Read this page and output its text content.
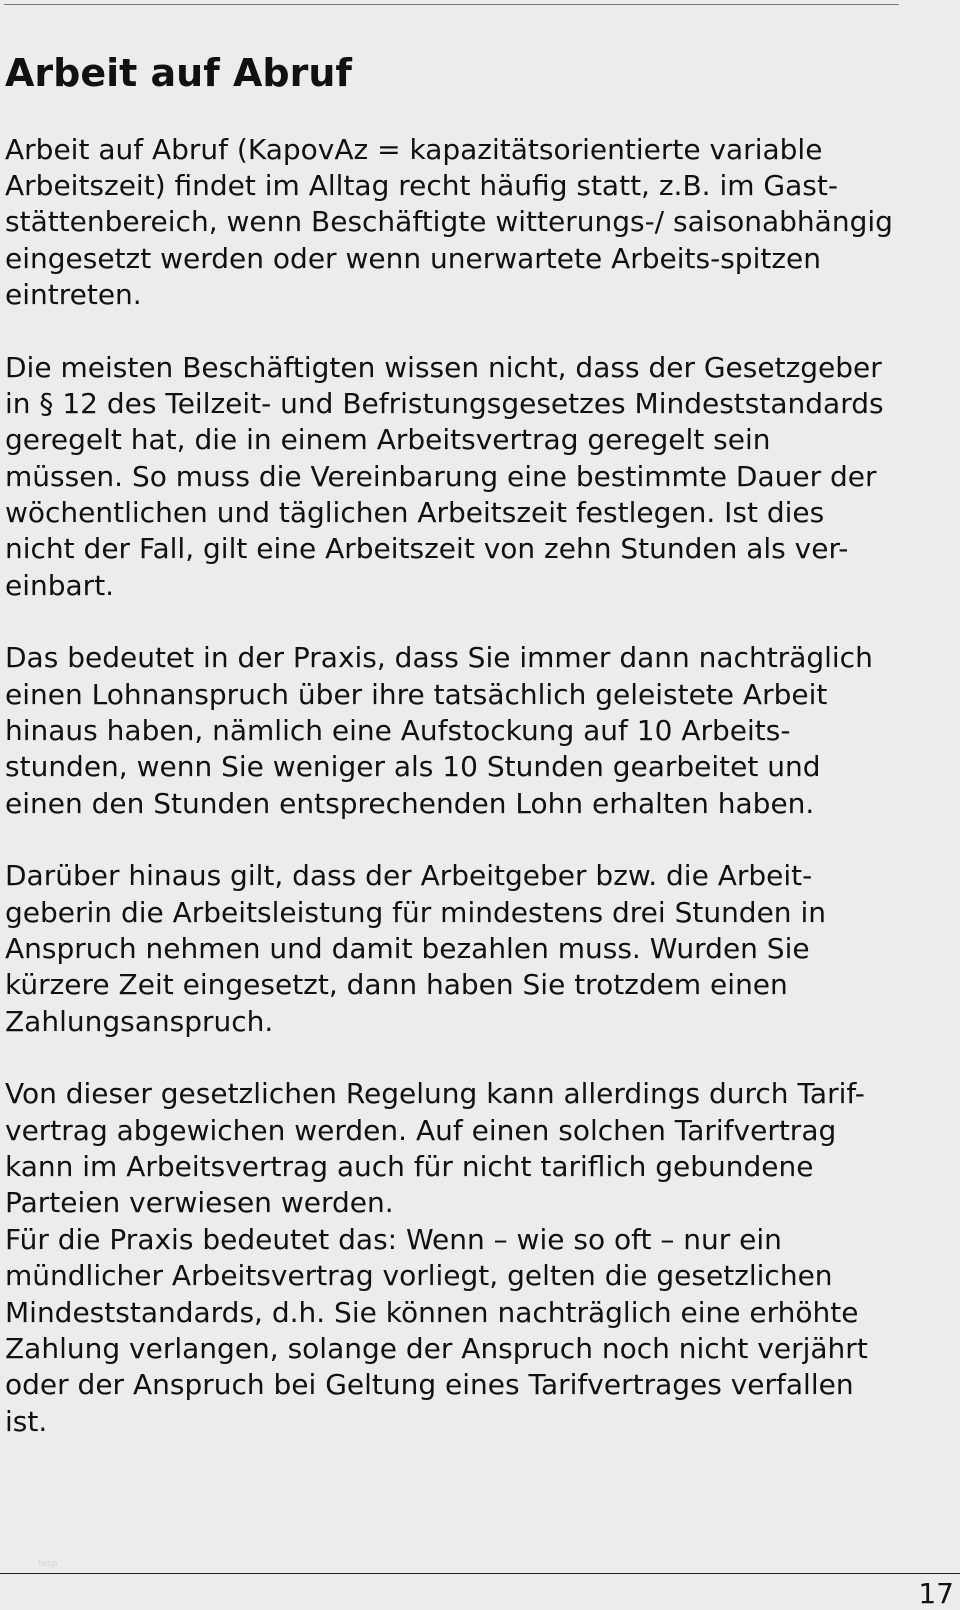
Arbeit auf Abruf
Arbeit auf Abruf (KapovAz = kapazitätsorientierte variable
Arbeitszeit) findet im Alltag recht häufig statt, z.B. im Gast-
stättenbereich, wenn Beschäftigte witterungs-/ saisonabhängig
eingesetzt werden oder wenn unerwartete Arbeits-spitzen
eintreten.
Die meisten Beschäftigten wissen nicht, dass der Gesetzgeber
in § 12 des Teilzeit- und Befristungsgesetzes Mindeststandards
geregelt hat, die in einem Arbeitsvertrag geregelt sein
müssen. So muss die Vereinbarung eine bestimmte Dauer der
wöchentlichen und täglichen Arbeitszeit festlegen. Ist dies
nicht der Fall, gilt eine Arbeitszeit von zehn Stunden als ver-
einbart.
Das bedeutet in der Praxis, dass Sie immer dann nachträglich
einen Lohnanspruch über ihre tatsächlich geleistete Arbeit
hinaus haben, nämlich eine Aufstockung auf 10 Arbeits-
stunden, wenn Sie weniger als 10 Stunden gearbeitet und
einen den Stunden entsprechenden Lohn erhalten haben.
Darüber hinaus gilt, dass der Arbeitgeber bzw. die Arbeit-
geberin die Arbeitsleistung für mindestens drei Stunden in
Anspruch nehmen und damit bezahlen muss. Wurden Sie
kürzere Zeit eingesetzt, dann haben Sie trotzdem einen
Zahlungsanspruch.
Von dieser gesetzlichen Regelung kann allerdings durch Tarif-
vertrag abgewichen werden. Auf einen solchen Tarifvertrag
kann im Arbeitsvertrag auch für nicht tariflich gebundene
Parteien verwiesen werden.
Für die Praxis bedeutet das: Wenn – wie so oft – nur ein
mündlicher Arbeitsvertrag vorliegt, gelten die gesetzlichen
Mindeststandards, d.h. Sie können nachträglich eine erhöhte
Zahlung verlangen, solange der Anspruch noch nicht verjährt
oder der Anspruch bei Geltung eines Tarifvertrages verfallen
ist.
tesp
17
